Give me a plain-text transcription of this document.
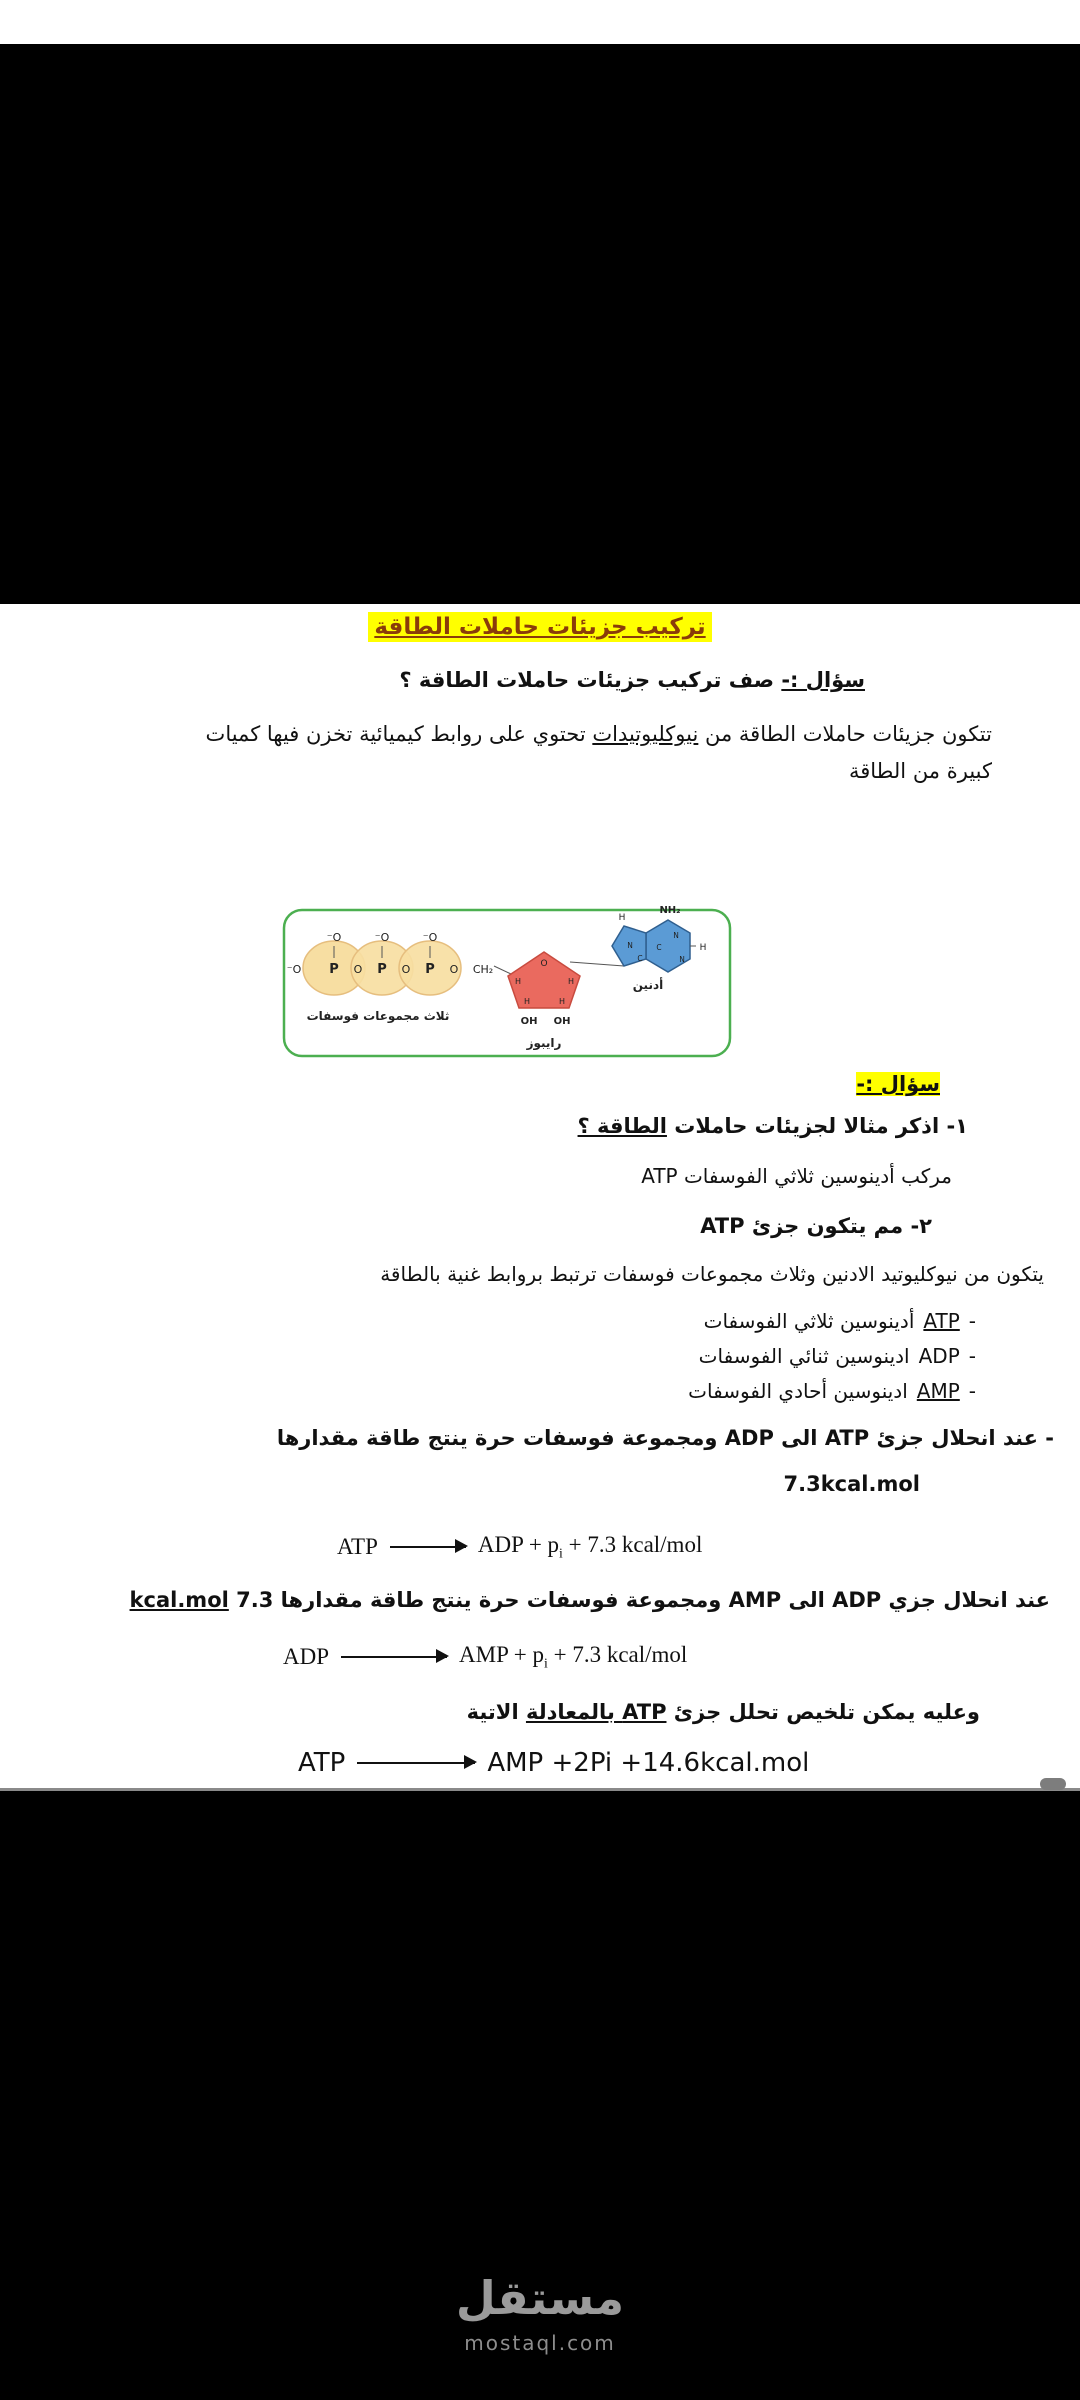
تركيب جزيئات حاملات الطاقة
سؤال :- صف تركيب جزيئات حاملات الطاقة ؟
تتكون جزيئات حاملات الطاقة من نيوكليوتيدات تحتوي على روابط كيميائية تخزن فيها كميات
كبيرة من الطاقة
O⁻
O⁻	O⁻	O⁻
P	P	P
O	O	O CH₂
ثلاث مجموعات فوسفات
O
H	H
H	H
OH OH
رايبوز
NH₂
H
H
N
C
N
N
C
أدنين
سؤال :-
١- اذكر مثالا لجزيئات حاملات الطاقة ؟
مركب أدينوسين ثلاثي الفوسفات ATP
٢- مم يتكون جزئ ATP
يتكون من نيوكليوتيد الادنين وثلاث مجموعات فوسفات ترتبط بروابط غنية بالطاقة
-ATPأدينوسين ثلاثي الفوسفات
-ADPادينوسين ثنائي الفوسفات
-AMPادينوسين أحادي الفوسفات
- عند انحلال جزئ ATP الى ADP ومجموعة فوسفات حرة ينتج طاقة مقدارها
7.3kcal.mol
ATP → ADP + $p_i + 7.3$ kcal/mol
عند انحلال جزي ADP الى AMP ومجموعة فوسفات حرة ينتج طاقة مقدارها 7.3 kcal.mol
ADP	AMP + $p_i + 7.3$ kcal/mol
وعليه يمكن تلخيص تحلل جزئ ATP بالمعادلة الاتية
ATP	AMP +2Pi +14.6kcal.mol
مستقل
mostaql.com
